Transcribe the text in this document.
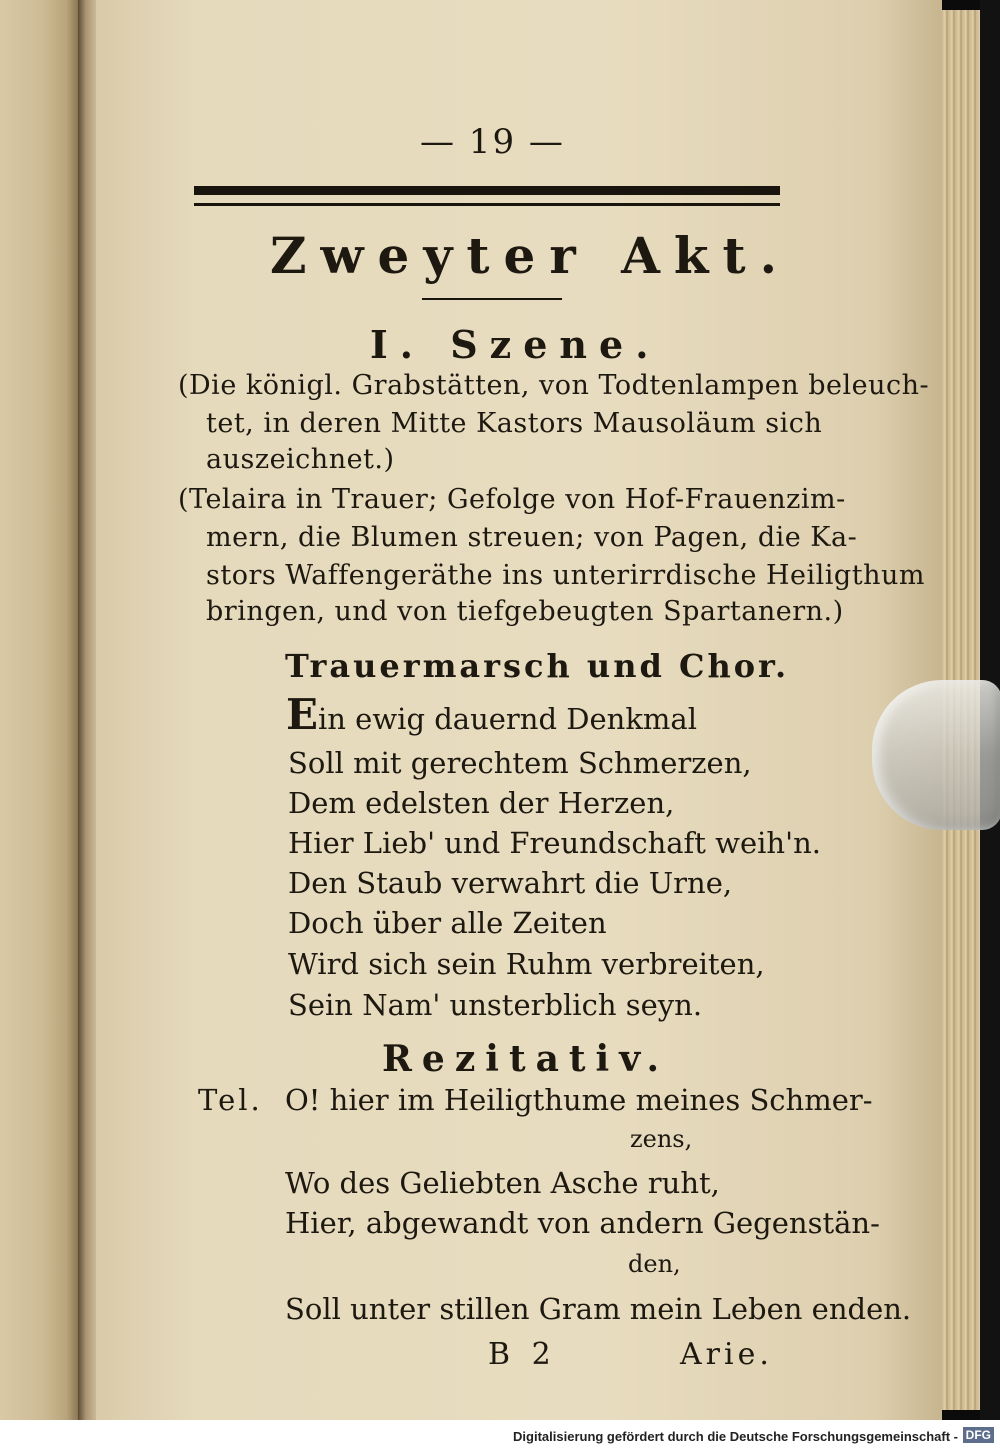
— 19 —
Zweyter Akt.
I. Szene.
(Die königl. Grabstätten, von Todtenlampen beleuch-
tet, in deren Mitte Kastors Mausoläum sich
auszeichnet.)
(Telaira in Trauer; Gefolge von Hof-Frauenzim-
mern, die Blumen streuen; von Pagen, die Ka-
stors Waffengeräthe ins unterirrdische Heiligthum
bringen, und von tiefgebeugten Spartanern.)
Trauermarsch und Chor.
Ein ewig dauernd Denkmal
Soll mit gerechtem Schmerzen,
Dem edelsten der Herzen,
Hier Lieb' und Freundschaft weih'n.
Den Staub verwahrt die Urne,
Doch über alle Zeiten
Wird sich sein Ruhm verbreiten,
Sein Nam' unsterblich seyn.
Rezitativ.
Tel. O! hier im Heiligthume meines Schmer-
zens,
Wo des Geliebten Asche ruht,
Hier, abgewandt von andern Gegenstän-
den,
Soll unter stillen Gram mein Leben enden.
B 2	Arie.
Digitalisierung gefördert durch die Deutsche Forschungsgemeinschaft - DFG
